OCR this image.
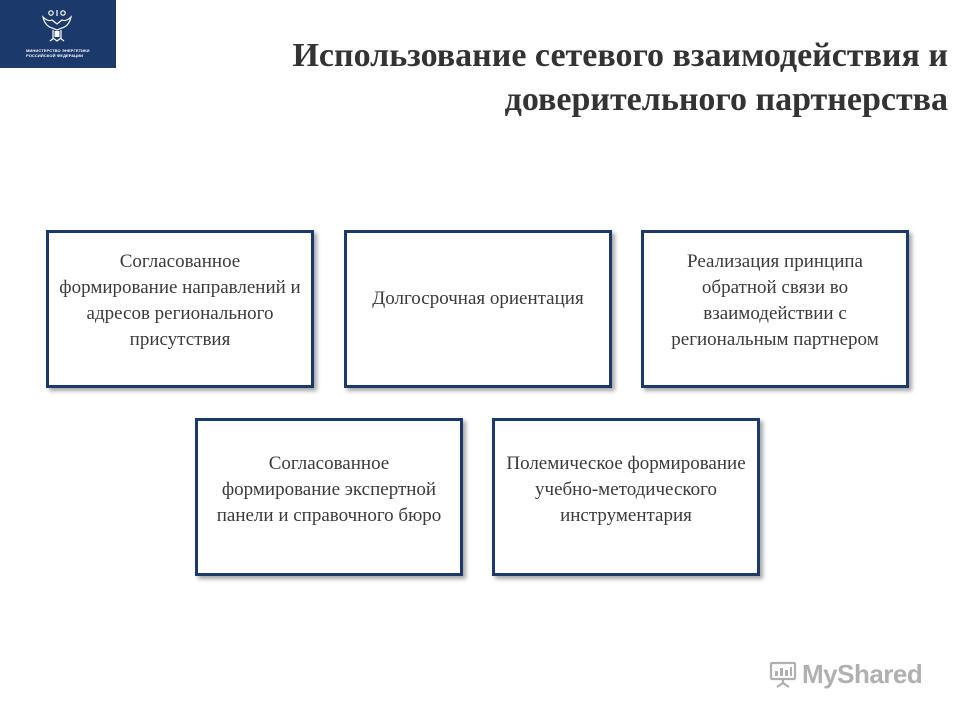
МИНИСТЕРСТВО ЭНЕРГЕТИКИ РОССИЙСКОЙ ФЕДЕРАЦИИ	Использование сетевого взаимодействия и доверительного партнерства
Согласованное формирование направлений и адресов регионального присутствия
Долгосрочная ориентация
Реализация принципа обратной связи во взаимодействии с региональным партнером
Согласованное формирование экспертной панели и справочного бюро
Полемическое формирование учебно-методического инструментария
MyShared
